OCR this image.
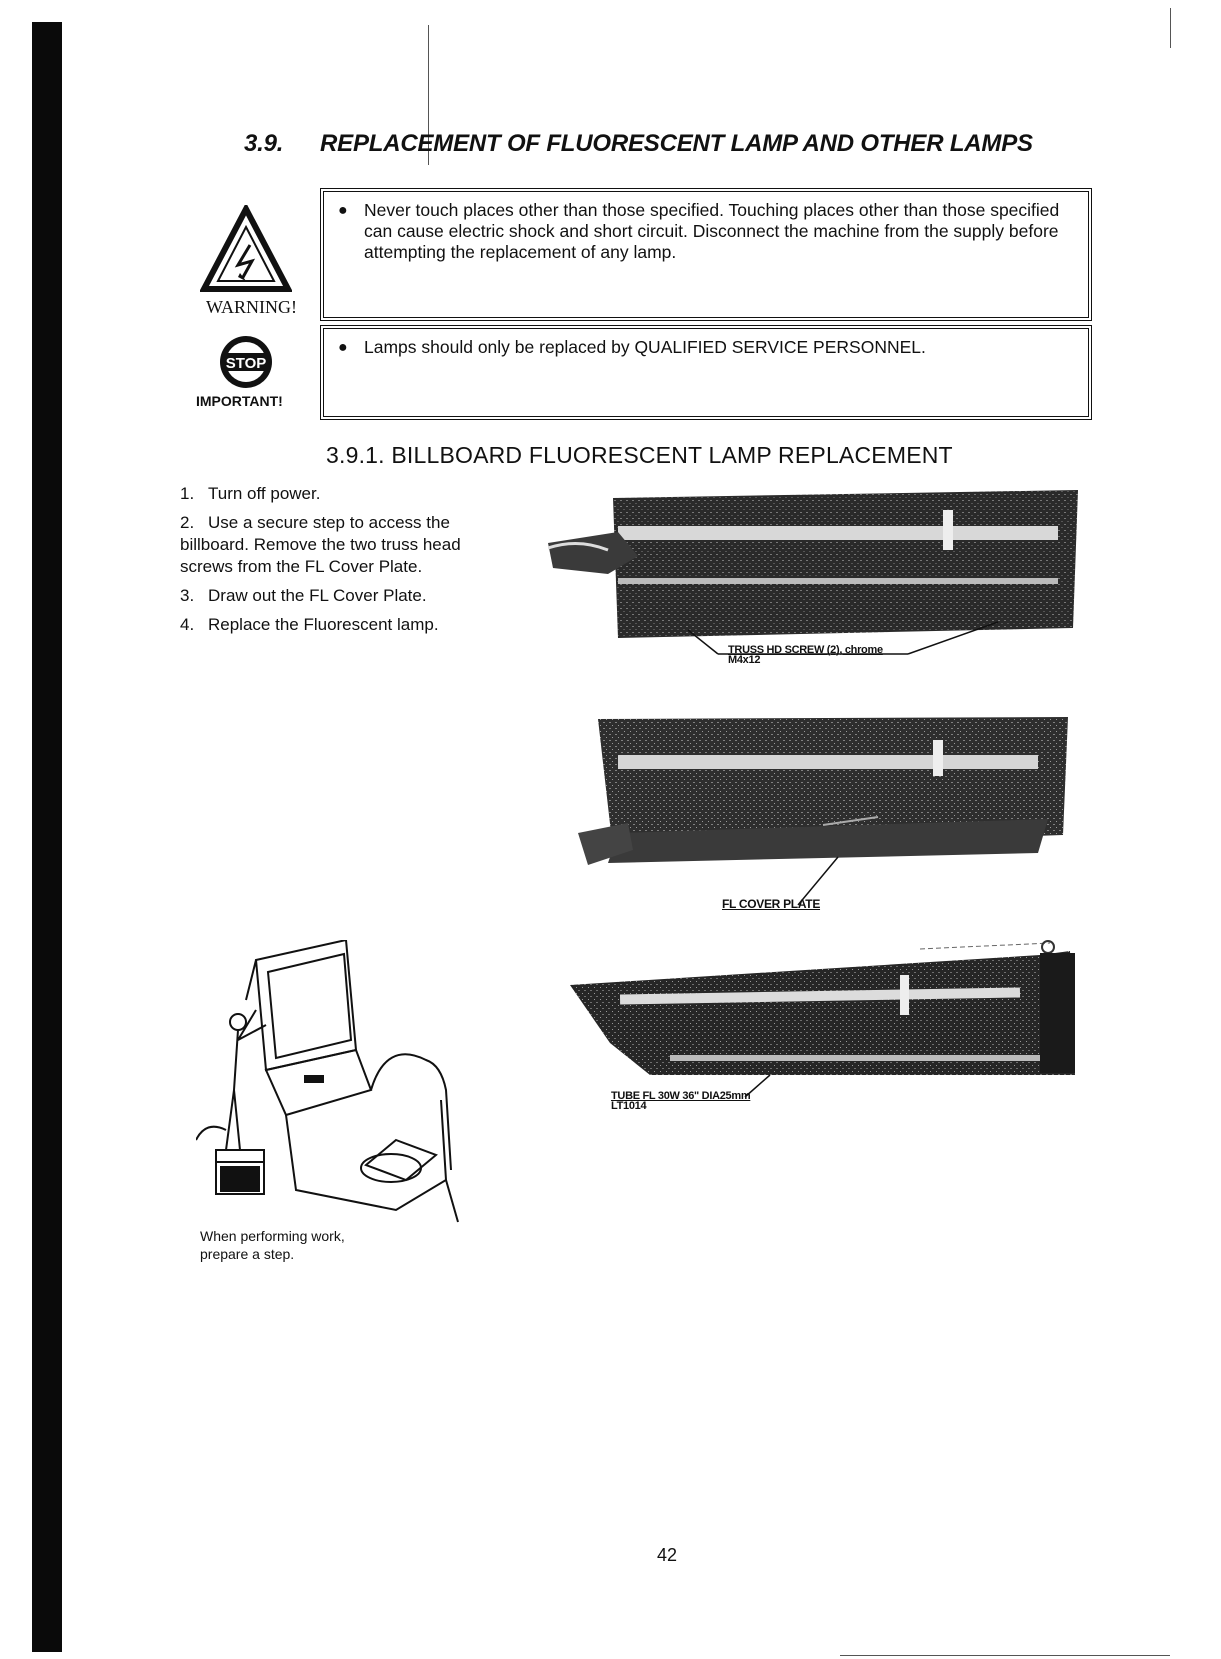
3.9. REPLACEMENT OF FLUORESCENT LAMP AND OTHER LAMPS
WARNING!
STOP
IMPORTANT!
● Never touch places other than those specified. Touching places other than those specified can cause electric shock and short circuit. Disconnect the machine from the supply before attempting the replacement of any lamp.
● Lamps should only be replaced by QUALIFIED SERVICE PERSONNEL.
3.9.1. BILLBOARD FLUORESCENT LAMP REPLACEMENT
1. Turn off power.
2. Use a secure step to access the billboard. Remove the two truss head screws from the FL Cover Plate.
3. Draw out the FL Cover Plate.
4. Replace the Fluorescent lamp.
TRUSS HD SCREW (2), chrome
M4x12
FL COVER PLATE
TUBE FL 30W 36" DIA25mm
LT1014
When performing work,
prepare a step.
42
